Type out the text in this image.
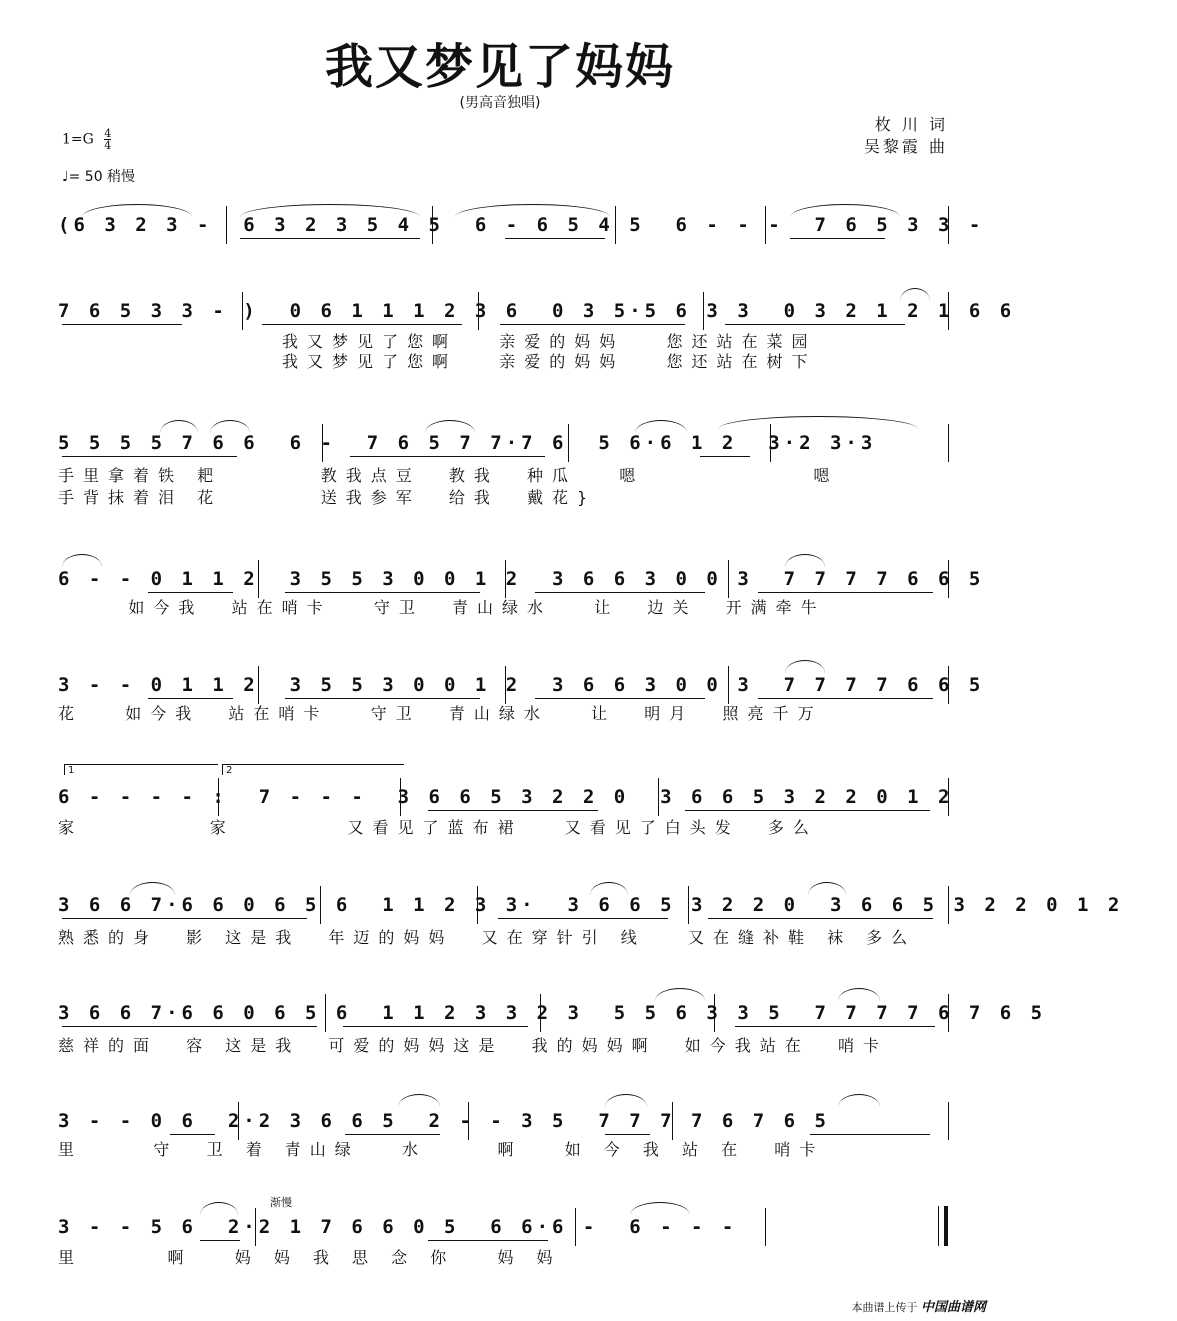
我又梦见了妈妈
(男高音独唱)
枚 川 词
吴黎霞 曲
$1=G \frac{4}{4}$
♩= 50 稍慢
(6 3 2 3 -  6 3 2 3 5 4 5  6 - 6 5 4 5  6 - - -  7 6 5 3 3 -
7 6 5 3 3 - )  0 6 1 1 1 2 3 6  0 3 5·5 6 3 3  0 3 2 1 2 1 6 6
我又梦见了您啊   亲爱的妈妈   您还站在菜园
我又梦见了您啊   亲爱的妈妈   您还站在树下
5 5 5 5 7 6 6  6 -  7 6 5 7 7·7 6  5 6·6 1 2  3·2 3·3
手里拿着铁 耙       教我点豆  教我  种瓜   嗯            嗯
手背抹着泪 花       送我参军  给我  戴花}
6 - - 0 1 1 2  3 5 5 3 0 0 1 2  3 6 6 3 0 0 3  7 7 7 7 6 6 5
如今我  站在哨卡   守卫  青山绿水   让  边关  开满牵牛
3 - - 0 1 1 2  3 5 5 3 0 0 1 2  3 6 6 3 0 0 3  7 7 7 7 6 6 5
花   如今我  站在哨卡   守卫  青山绿水   让  明月  照亮千万
1	2
6 - - - - :  7 - - -  3 6 6 5 3 2 2 0  3 6 6 5 3 2 2 0 1 2
家         家        又看见了蓝布裙   又看见了白头发  多么
3 6 6 7·6 6 0 6 5 6  1 1 2 3 3·  3 6 6 5 3 2 2 0  3 6 6 5 3 2 2 0 1 2
熟悉的身  影 这是我  年迈的妈妈  又在穿针引 线   又在缝补鞋 袜 多么
3 6 6 7·6 6 0 6 5 6  1 1 2 3 3 2 3  5 5 6 3 3 5  7 7 7 7 6 7 6 5
慈祥的面  容 这是我  可爱的妈妈这是  我的妈妈啊  如今我站在  哨卡
3 - - 0 6  2·2 3 6 6 5  2 - - 3 5  7 7 7 7 6 7 6 5
里     守  卫 着 青山绿   水     啊   如 今 我 站 在  哨卡
渐慢
3 - - 5 6  2·2 1 7 6 6 0 5  6 6·6 -  6 - - -
里      啊   妈 妈 我 思 念 你   妈 妈
本曲谱上传于 中国曲谱网
